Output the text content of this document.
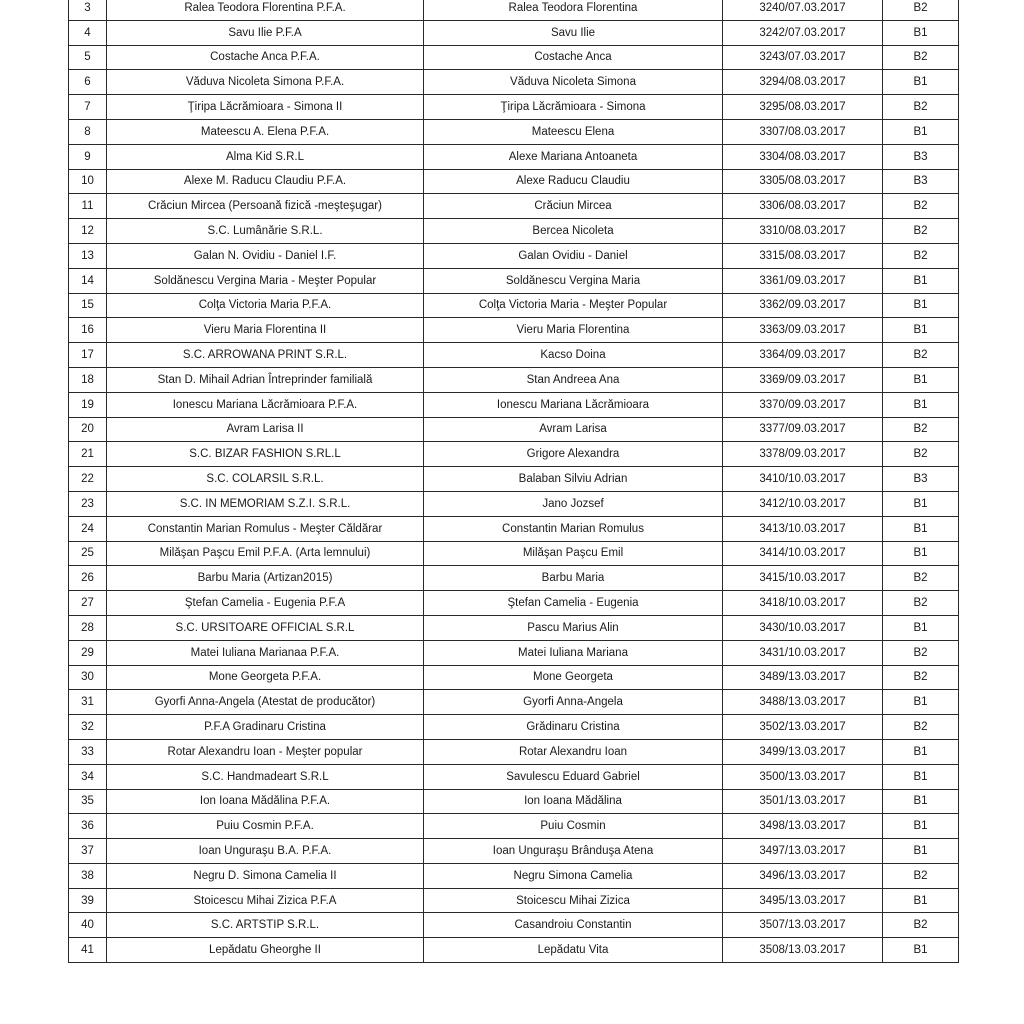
3	Ralea Teodora Florentina P.F.A.	Ralea Teodora Florentina	3240/07.03.2017	B2
4	Savu Ilie P.F.A	Savu Ilie	3242/07.03.2017	B1
5	Costache Anca P.F.A.	Costache Anca	3243/07.03.2017	B2
6	Văduva Nicoleta Simona P.F.A.	Văduva Nicoleta Simona	3294/08.03.2017	B1
7	Ţiripa Lăcrămioara - Simona II	Ţiripa Lăcrămioara - Simona	3295/08.03.2017	B2
8	Mateescu A. Elena P.F.A.	Mateescu Elena	3307/08.03.2017	B1
9	Alma Kid S.R.L	Alexe Mariana Antoaneta	3304/08.03.2017	B3
10	Alexe M. Raducu Claudiu P.F.A.	Alexe Raducu Claudiu	3305/08.03.2017	B3
11	Crăciun Mircea (Persoană fizică -meşteşugar)	Crăciun Mircea	3306/08.03.2017	B2
12	S.C. Lumânărie S.R.L.	Bercea Nicoleta	3310/08.03.2017	B2
13	Galan N. Ovidiu - Daniel I.F.	Galan Ovidiu - Daniel	3315/08.03.2017	B2
14	Soldănescu Vergina Maria - Meşter Popular	Soldănescu Vergina Maria	3361/09.03.2017	B1
15	Colţa Victoria Maria P.F.A.	Colţa Victoria Maria - Meşter Popular	3362/09.03.2017	B1
16	Vieru Maria Florentina II	Vieru Maria Florentina	3363/09.03.2017	B1
17	S.C. ARROWANA PRINT S.R.L.	Kacso Doina	3364/09.03.2017	B2
18	Stan D. Mihail Adrian Întreprinder familială	Stan Andreea Ana	3369/09.03.2017	B1
19	Ionescu Mariana Lăcrămioara P.F.A.	Ionescu Mariana Lăcrămioara	3370/09.03.2017	B1
20	Avram Larisa II	Avram Larisa	3377/09.03.2017	B2
21	S.C. BIZAR FASHION S.RL.L	Grigore Alexandra	3378/09.03.2017	B2
22	S.C. COLARSIL S.R.L.	Balaban Silviu Adrian	3410/10.03.2017	B3
23	S.C. IN MEMORIAM S.Z.I. S.R.L.	Jano Jozsef	3412/10.03.2017	B1
24	Constantin Marian Romulus - Meşter Căldărar	Constantin Marian Romulus	3413/10.03.2017	B1
25	Milăşan Paşcu Emil P.F.A. (Arta lemnului)	Milăşan Paşcu Emil	3414/10.03.2017	B1
26	Barbu Maria (Artizan2015)	Barbu Maria	3415/10.03.2017	B2
27	Ştefan Camelia - Eugenia P.F.A	Ştefan Camelia - Eugenia	3418/10.03.2017	B2
28	S.C. URSITOARE OFFICIAL S.R.L	Pascu Marius Alin	3430/10.03.2017	B1
29	Matei Iuliana Marianaa P.F.A.	Matei Iuliana Mariana	3431/10.03.2017	B2
30	Mone Georgeta P.F.A.	Mone Georgeta	3489/13.03.2017	B2
31	Gyorfi Anna-Angela (Atestat de producător)	Gyorfi Anna-Angela	3488/13.03.2017	B1
32	P.F.A Gradinaru Cristina	Grădinaru Cristina	3502/13.03.2017	B2
33	Rotar Alexandru Ioan - Meşter popular	Rotar Alexandru Ioan	3499/13.03.2017	B1
34	S.C. Handmadeart S.R.L	Savulescu Eduard Gabriel	3500/13.03.2017	B1
35	Ion Ioana Mădălina P.F.A.	Ion Ioana Mădălina	3501/13.03.2017	B1
36	Puiu Cosmin P.F.A.	Puiu Cosmin	3498/13.03.2017	B1
37	Ioan Unguraşu B.A. P.F.A.	Ioan Unguraşu Brânduşa Atena	3497/13.03.2017	B1
38	Negru D. Simona Camelia II	Negru Simona Camelia	3496/13.03.2017	B2
39	Stoicescu Mihai Zizica P.F.A	Stoicescu Mihai Zizica	3495/13.03.2017	B1
40	S.C. ARTSTIP S.R.L.	Casandroiu Constantin	3507/13.03.2017	B2
41	Lepădatu Gheorghe II	Lepădatu Vita	3508/13.03.2017	B1
